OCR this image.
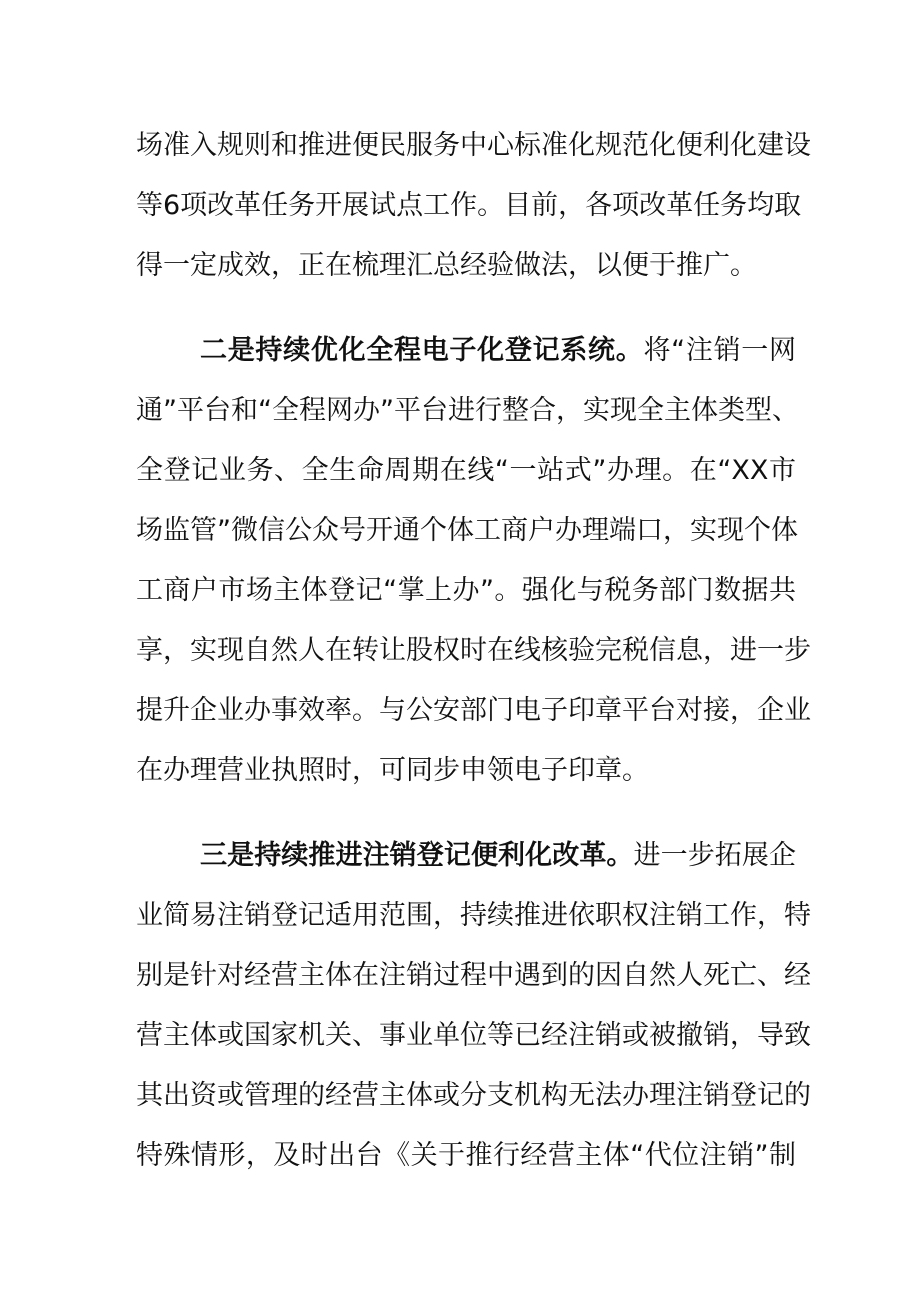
场准入规则和推进便民服务中心标准化规范化便利化建设
等6项改革任务开展试点工作。目前，各项改革任务均取
得一定成效，正在梳理汇总经验做法，以便于推广。
二是持续优化全程电子化登记系统。将“注销一网
通”平台和“全程网办”平台进行整合，实现全主体类型、
全登记业务、全生命周期在线“一站式”办理。在“XX市
场监管”微信公众号开通个体工商户办理端口，实现个体
工商户市场主体登记“掌上办”。强化与税务部门数据共
享，实现自然人在转让股权时在线核验完税信息，进一步
提升企业办事效率。与公安部门电子印章平台对接，企业
在办理营业执照时，可同步申领电子印章。
三是持续推进注销登记便利化改革。进一步拓展企
业简易注销登记适用范围，持续推进依职权注销工作，特
别是针对经营主体在注销过程中遇到的因自然人死亡、经
营主体或国家机关、事业单位等已经注销或被撤销，导致
其出资或管理的经营主体或分支机构无法办理注销登记的
特殊情形，及时出台《关于推行经营主体“代位注销”制
